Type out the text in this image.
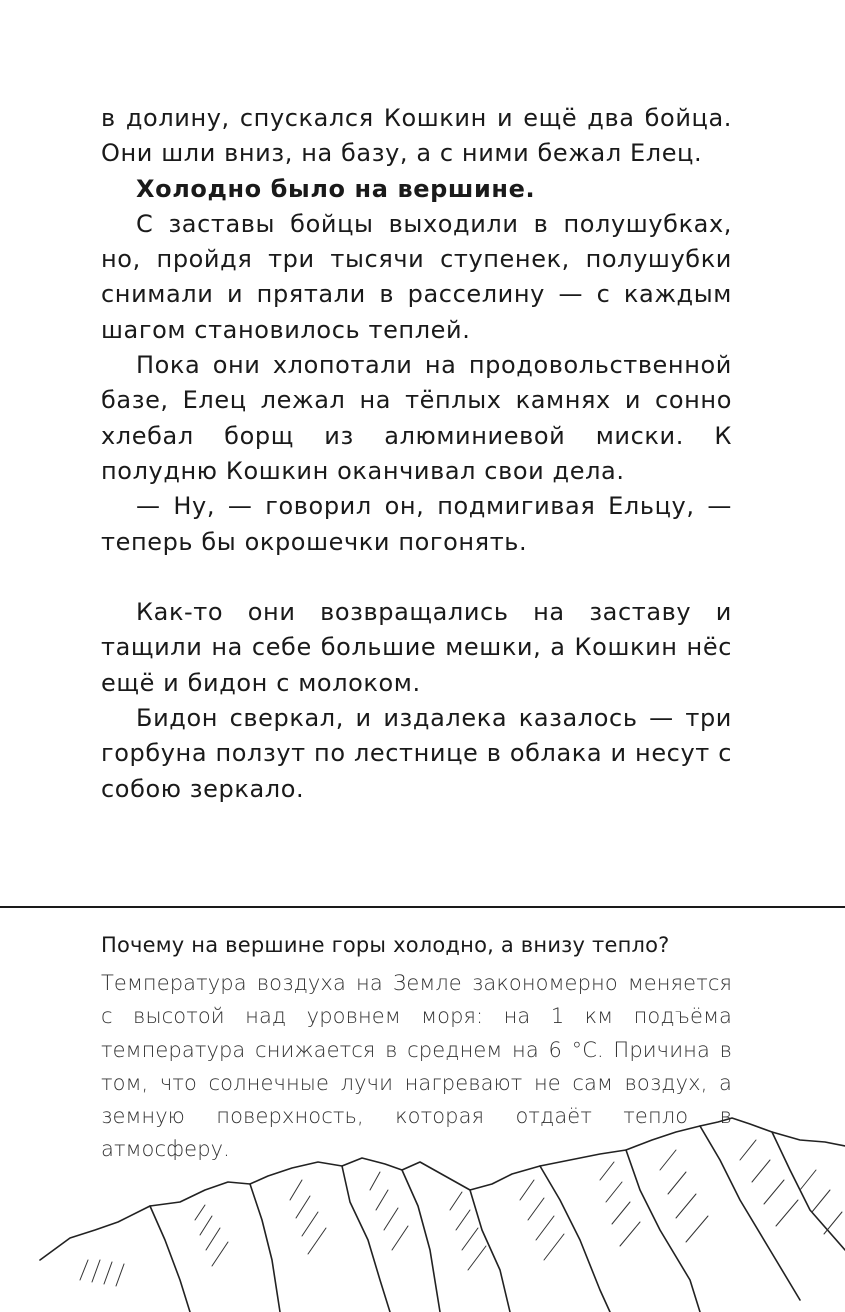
в долину, спускался Кошкин и ещё два бойца. Они шли вниз, на базу, а с ними бежал Елец.

Холодно было на вершине.

С заставы бойцы выходили в полушубках, но, пройдя три тысячи ступенек, полушубки снимали и прятали в расселину — с каждым шагом становилось теплей.

Пока они хлопотали на продовольственной базе, Елец лежал на тёплых камнях и сонно хлебал борщ из алюминиевой миски. К полудню Кошкин оканчивал свои дела.

— Ну, — говорил он, подмигивая Ельцу, — теперь бы окрошечки погонять.

Как-то они возвращались на заставу и тащили на себе большие мешки, а Кошкин нёс ещё и бидон с молоком.

Бидон сверкал, и издалека казалось — три горбуна ползут по лестнице в облака и несут с собою зеркало.

Почему на вершине горы холодно, а внизу тепло?

Температура воздуха на Земле закономерно меняется с высотой над уровнем моря: на 1 км подъёма температура снижается в среднем на 6 °С. Причина в том, что солнечные лучи нагревают не сам воздух, а земную поверхность, которая отдаёт тепло в атмосферу.
